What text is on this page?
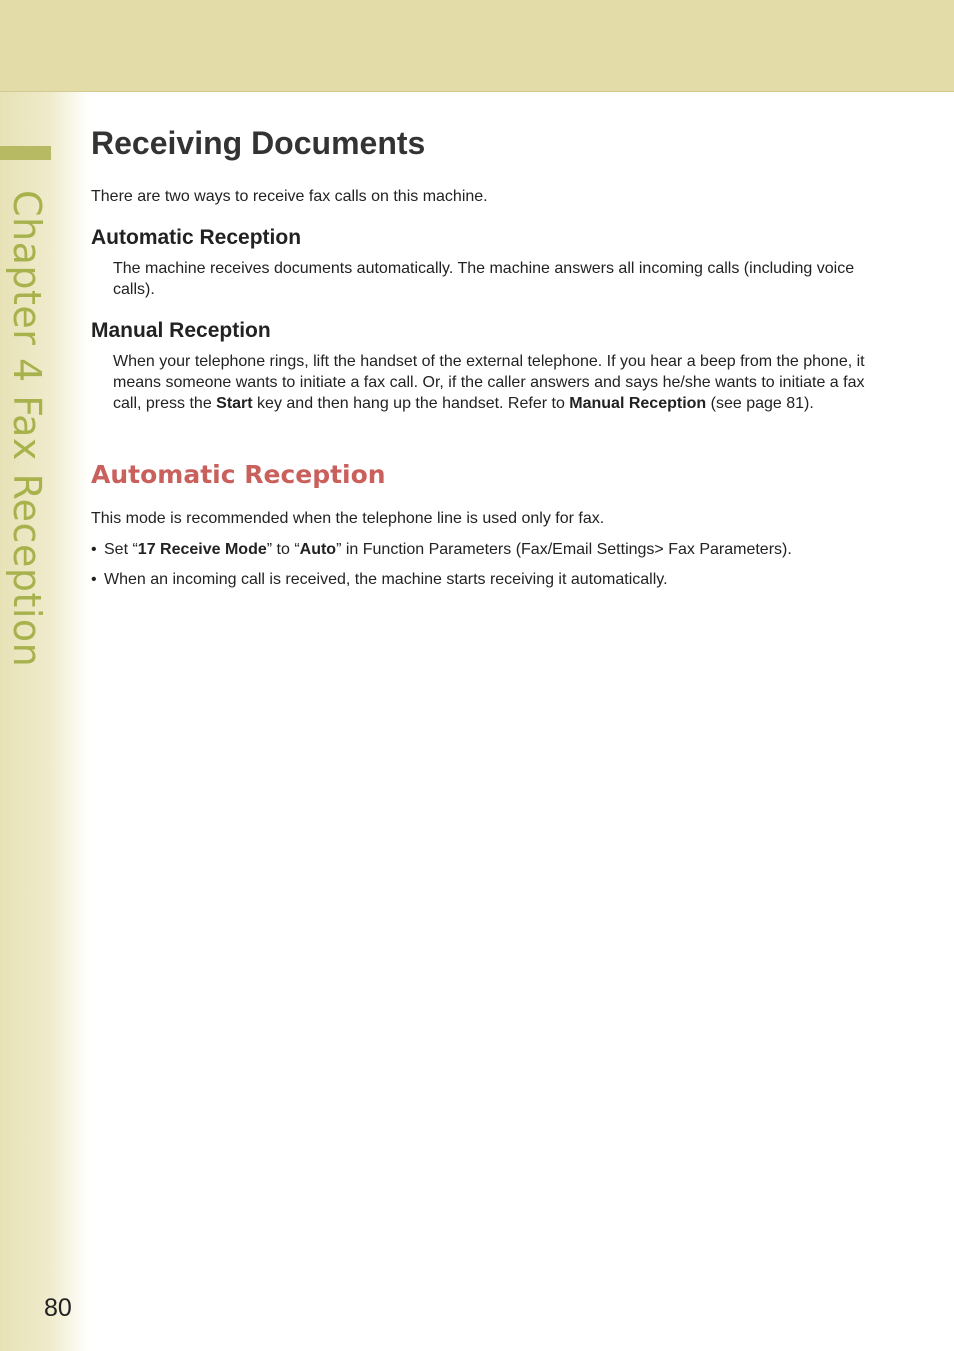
Chapter 4 Fax Reception
80
Receiving Documents

There are two ways to receive fax calls on this machine.

Automatic Reception

The machine receives documents automatically. The machine answers all incoming calls (including voice calls).

Manual Reception

When your telephone rings, lift the handset of the external telephone. If you hear a beep from the phone, it means someone wants to initiate a fax call. Or, if the caller answers and says he/she wants to initiate a fax call, press the Start key and then hang up the handset. Refer to Manual Reception (see page 81).

Automatic Reception

This mode is recommended when the telephone line is used only for fax.

• Set “17 Receive Mode” to “Auto” in Function Parameters (Fax/Email Settings> Fax Parameters).
• When an incoming call is received, the machine starts receiving it automatically.
